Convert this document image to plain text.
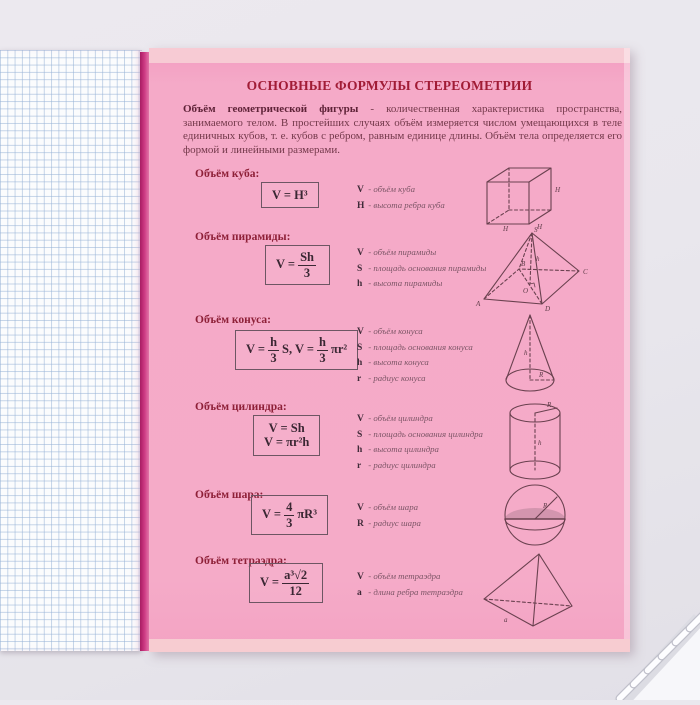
ОСНОВНЫЕ ФОРМУЛЫ СТЕРЕОМЕТРИИ

Объём геометрической фигуры - количественная характеристика пространства, занимаемого телом. В простейших случаях объём измеряется числом умещающихся в теле единичных кубов, т. е. кубов с ребром, равным единице длины. Объём тела определяется его формой и линейными размерами.

Объём куба:
V = H³	V - объём куба
H - высота ребра куба
H
H
H
Объём пирамиды:
$V = \frac{Sh}{3}$	V - объём пирамиды
S - площадь основания пирамиды
h - высота пирамиды
S
h
B
C
O
A
D
Объём конуса:
$V = \frac{h}{3} S$, $V = \frac{h}{3} \pi r^2$
V - объём конуса
S - площадь основания конуса
h - высота конуса
r - радиус конуса
h
R
Объём цилиндра:
V = Sh
V = πr²h
V - объём цилиндра
S - площадь основания цилиндра
h - высота цилиндра
r - радиус цилиндра
R
h
Объём шара:
$V = \frac{4}{3} \pi R^3$	V - объём шара
R - радиус шара
R
Объём тетраэдра:
$V = \frac{\text{a³√2}}{12}$	V - объём тетраэдра
a - длина ребра тетраэдра
a
